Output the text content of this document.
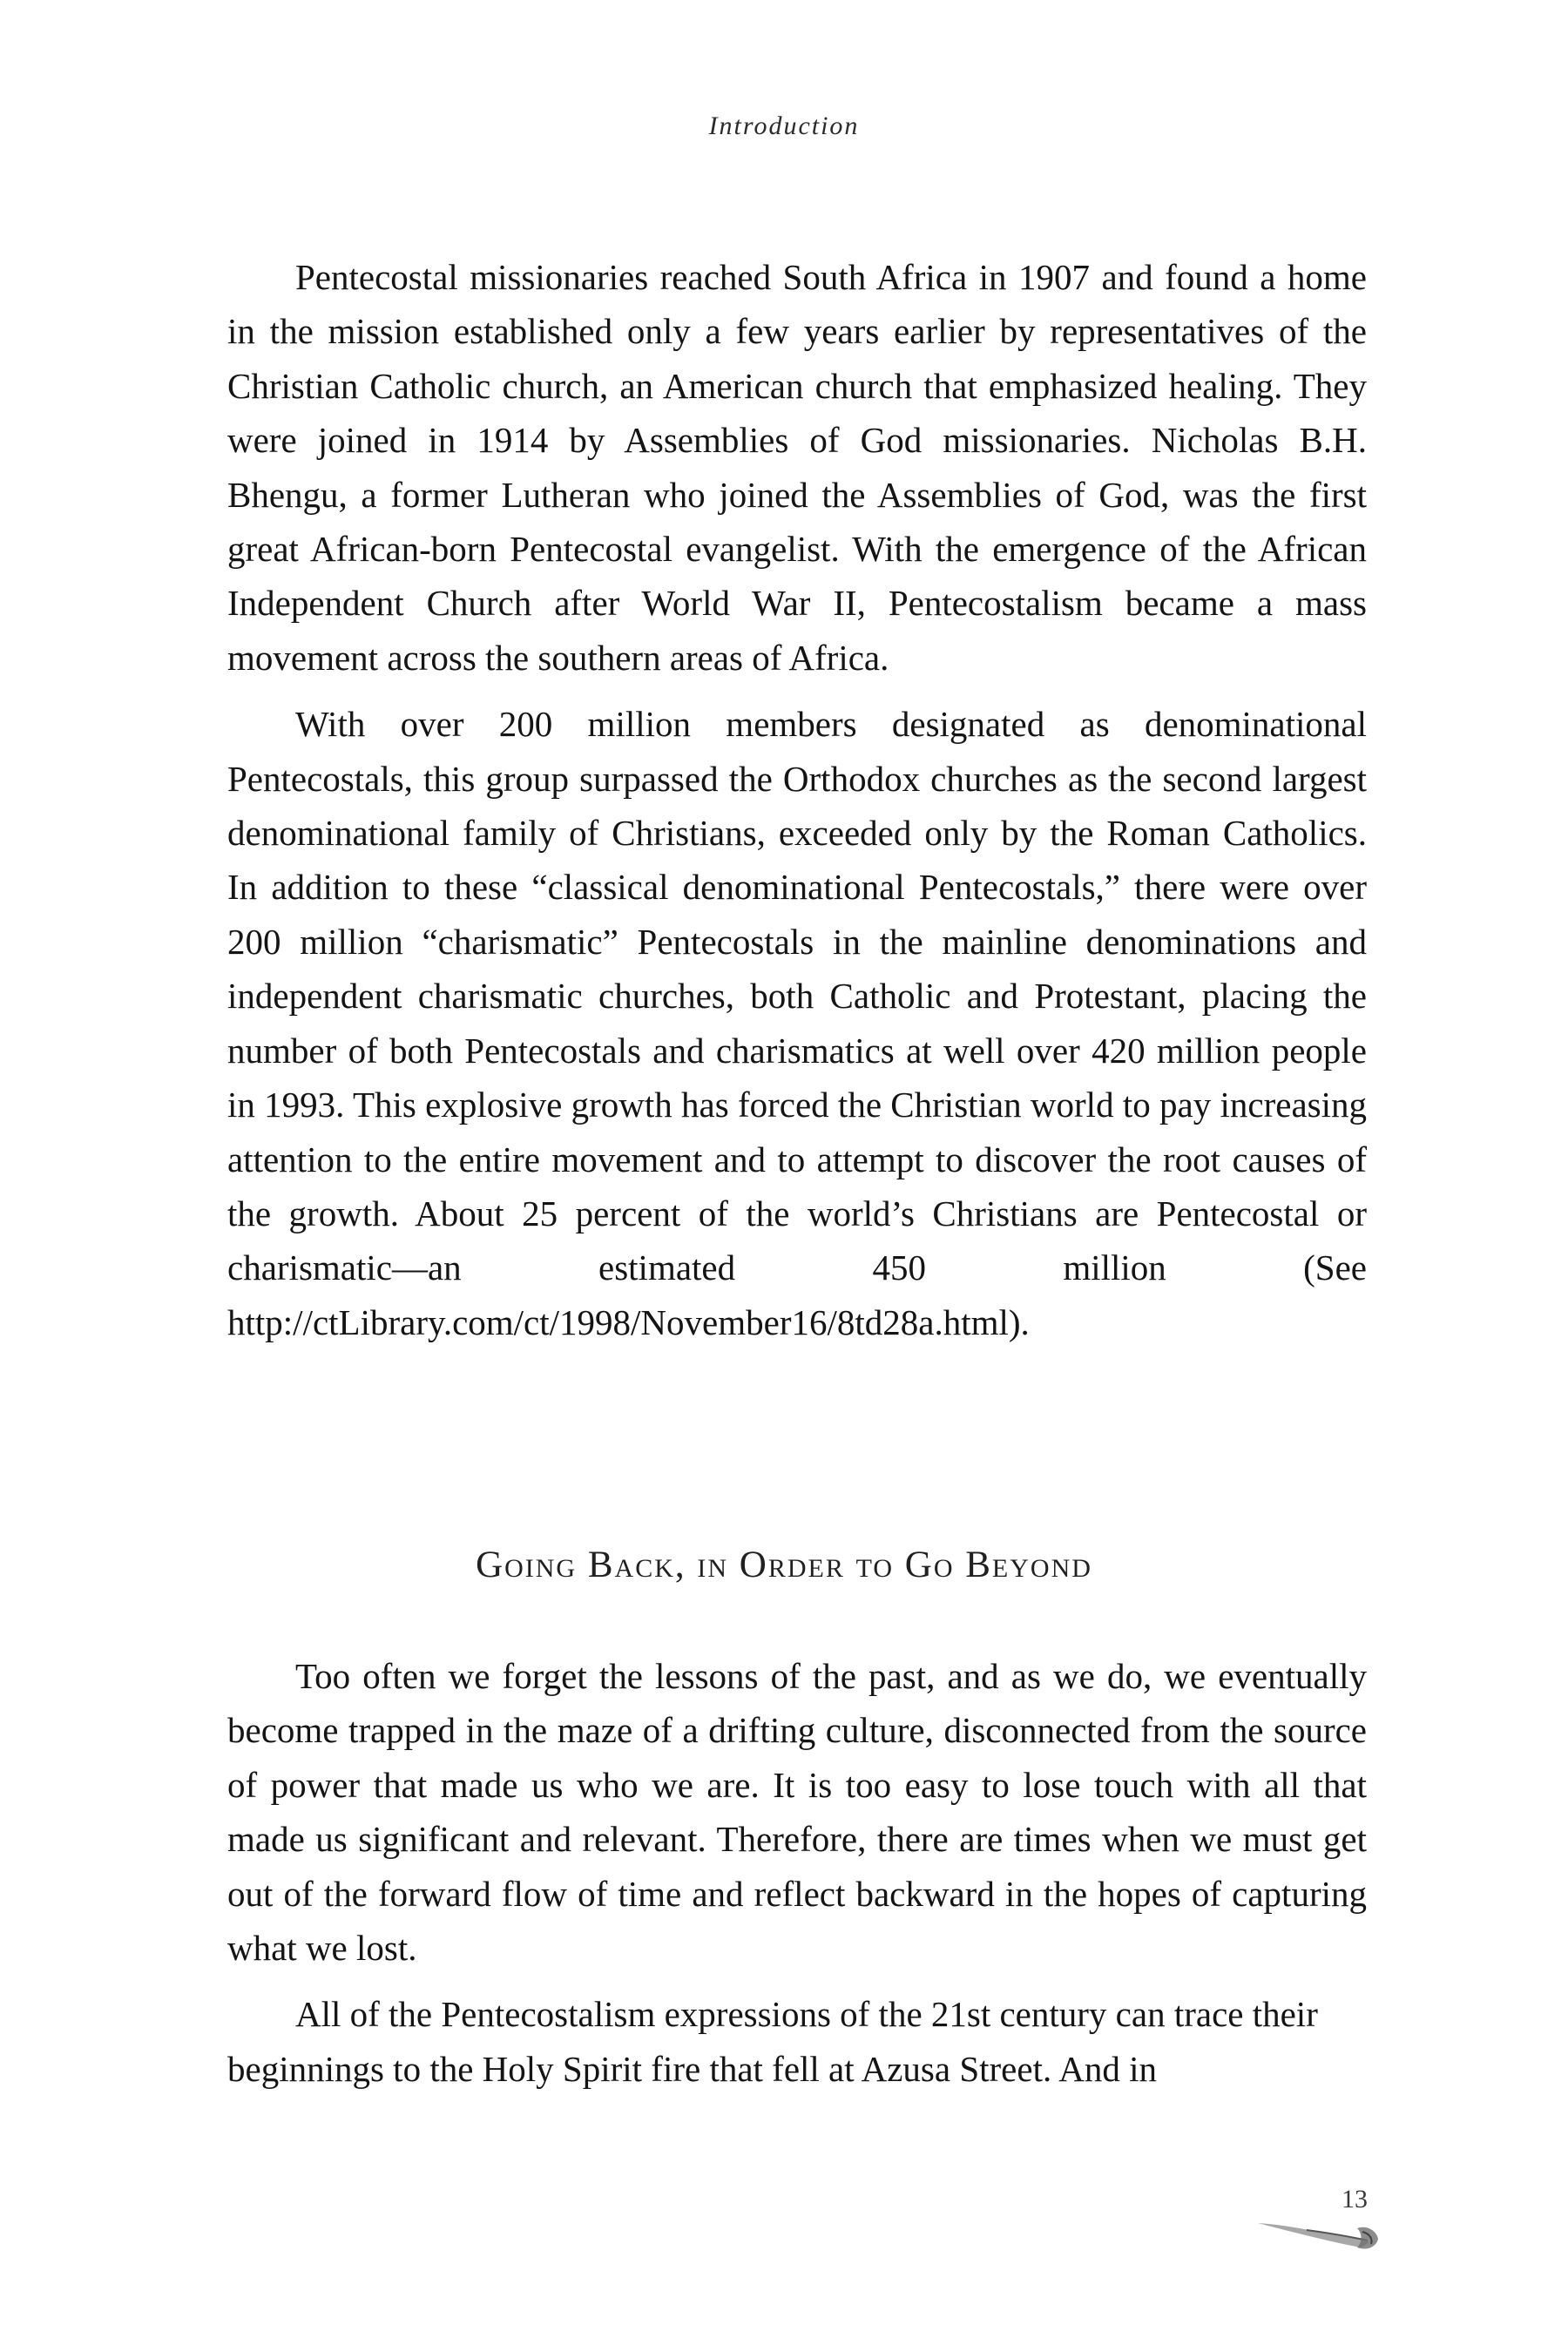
Introduction

Pentecostal missionaries reached South Africa in 1907 and found a home in the mission established only a few years earlier by representatives of the Christian Catholic church, an American church that emphasized healing. They were joined in 1914 by Assemblies of God missionaries. Nicholas B.H. Bhengu, a former Lutheran who joined the Assemblies of God, was the first great African-born Pentecostal evangelist. With the emergence of the African Independent Church after World War II, Pentecostalism became a mass movement across the southern areas of Africa.

With over 200 million members designated as denominational Pentecostals, this group surpassed the Orthodox churches as the second largest denominational family of Christians, exceeded only by the Roman Catholics. In addition to these “classical denominational Pentecostals,” there were over 200 million “charismatic” Pentecostals in the mainline denominations and independent charismatic churches, both Catholic and Protestant, placing the number of both Pentecostals and charismatics at well over 420 million people in 1993. This explosive growth has forced the Christian world to pay increasing attention to the entire movement and to attempt to discover the root causes of the growth. About 25 percent of the world’s Christians are Pentecostal or charismatic—an estimated 450 million (See http://ctLibrary.com/ct/1998/November16/8td28a.html).

Going Back, in Order to Go Beyond

Too often we forget the lessons of the past, and as we do, we eventually become trapped in the maze of a drifting culture, disconnected from the source of power that made us who we are. It is too easy to lose touch with all that made us significant and relevant. Therefore, there are times when we must get out of the forward flow of time and reflect backward in the hopes of capturing what we lost.

All of the Pentecostalism expressions of the 21st century can trace their beginnings to the Holy Spirit fire that fell at Azusa Street. And in

13
